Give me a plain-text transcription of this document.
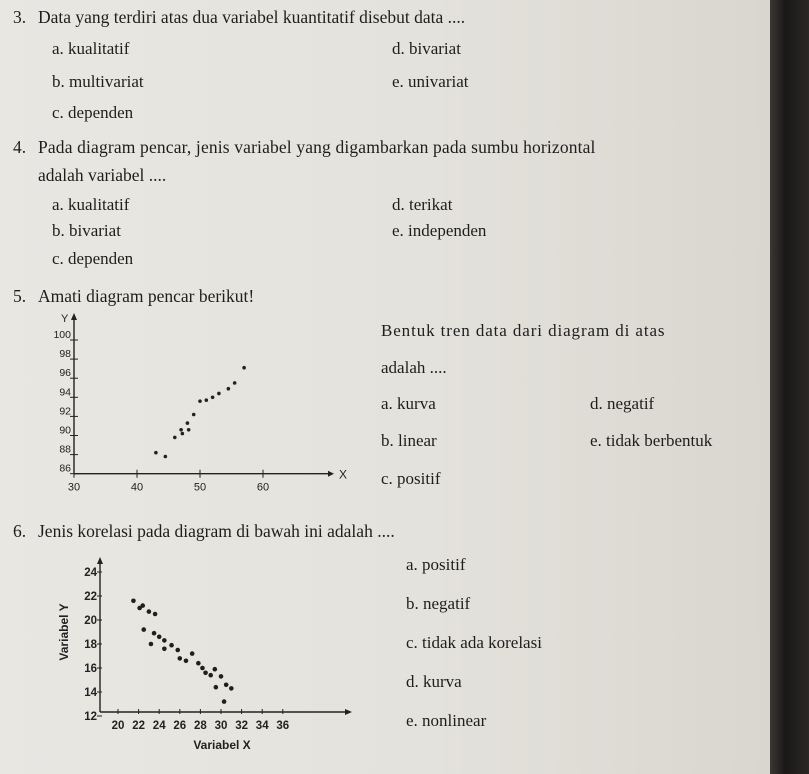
3. Data yang terdiri atas dua variabel kuantitatif disebut data ....
a. kualitatif	d. bivariat
b. multivariat	e. univariat
c. dependen
4. Pada diagram pencar, jenis variabel yang digambarkan pada sumbu horizontal
adalah variabel ....
a. kualitatif	d. terikat
b. bivariat	e. independen
c. dependen
5. Amati diagram pencar berikut!
Y
X
100
98
96
94
92
90
88
86
30	40	50	60
Bentuk tren data dari diagram di atas
adalah ....
a. kurva	d. negatif
b. linear	e. tidak berbentuk
c. positif
6. Jenis korelasi pada diagram di bawah ini adalah ....
24
22
20
18
16
14
12
20 22 24 26 28 30 32 34 36
Variabel X
Variabel Y
a. positif
b. negatif
c. tidak ada korelasi
d. kurva
e. nonlinear
